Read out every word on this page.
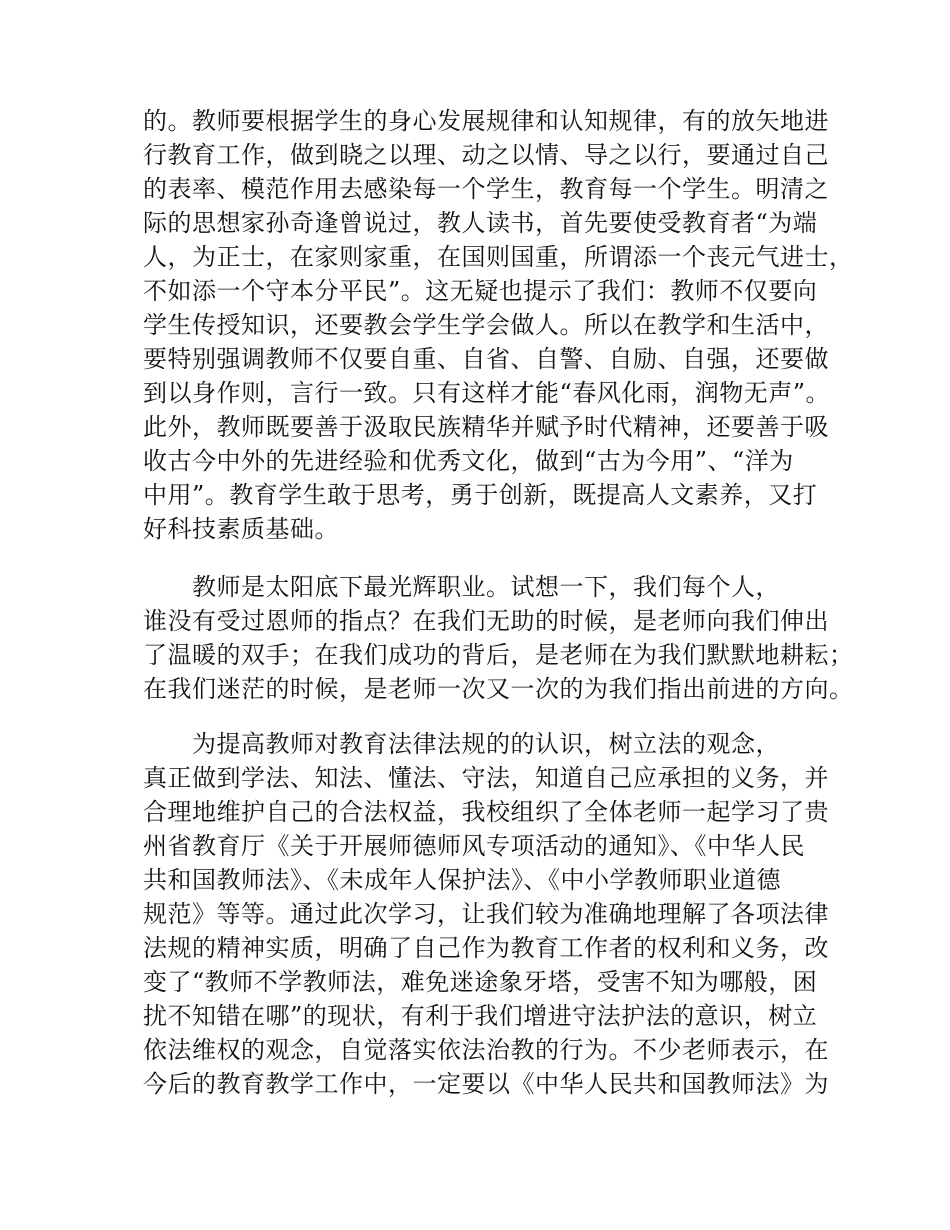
的。教师要根据学生的身心发展规律和认知规律，有的放矢地进
行教育工作，做到晓之以理、动之以情、导之以行，要通过自己
的表率、模范作用去感染每一个学生，教育每一个学生。明清之
际的思想家孙奇逢曾说过，教人读书，首先要使受教育者“为端
人，为正士，在家则家重，在国则国重，所谓添一个丧元气进士，
不如添一个守本分平民”。这无疑也提示了我们：教师不仅要向
学生传授知识，还要教会学生学会做人。所以在教学和生活中，
要特别强调教师不仅要自重、自省、自警、自励、自强，还要做
到以身作则，言行一致。只有这样才能“春风化雨，润物无声”。
此外，教师既要善于汲取民族精华并赋予时代精神，还要善于吸
收古今中外的先进经验和优秀文化，做到“古为今用”、“洋为
中用”。教育学生敢于思考，勇于创新，既提高人文素养，又打
好科技素质基础。
　　教师是太阳底下最光辉职业。试想一下，我们每个人，
谁没有受过恩师的指点？在我们无助的时候，是老师向我们伸出
了温暖的双手；在我们成功的背后，是老师在为我们默默地耕耘；
在我们迷茫的时候，是老师一次又一次的为我们指出前进的方向。
　　为提高教师对教育法律法规的的认识，树立法的观念，
真正做到学法、知法、懂法、守法，知道自己应承担的义务，并
合理地维护自己的合法权益，我校组织了全体老师一起学习了贵
州省教育厅《关于开展师德师风专项活动的通知》、《中华人民
共和国教师法》、《未成年人保护法》、《中小学教师职业道德
规范》等等。通过此次学习，让我们较为准确地理解了各项法律
法规的精神实质，明确了自己作为教育工作者的权利和义务，改
变了“教师不学教师法，难免迷途象牙塔，受害不知为哪般，困
扰不知错在哪”的现状，有利于我们增进守法护法的意识，树立
依法维权的观念，自觉落实依法治教的行为。不少老师表示，在
今后的教育教学工作中，一定要以《中华人民共和国教师法》为
